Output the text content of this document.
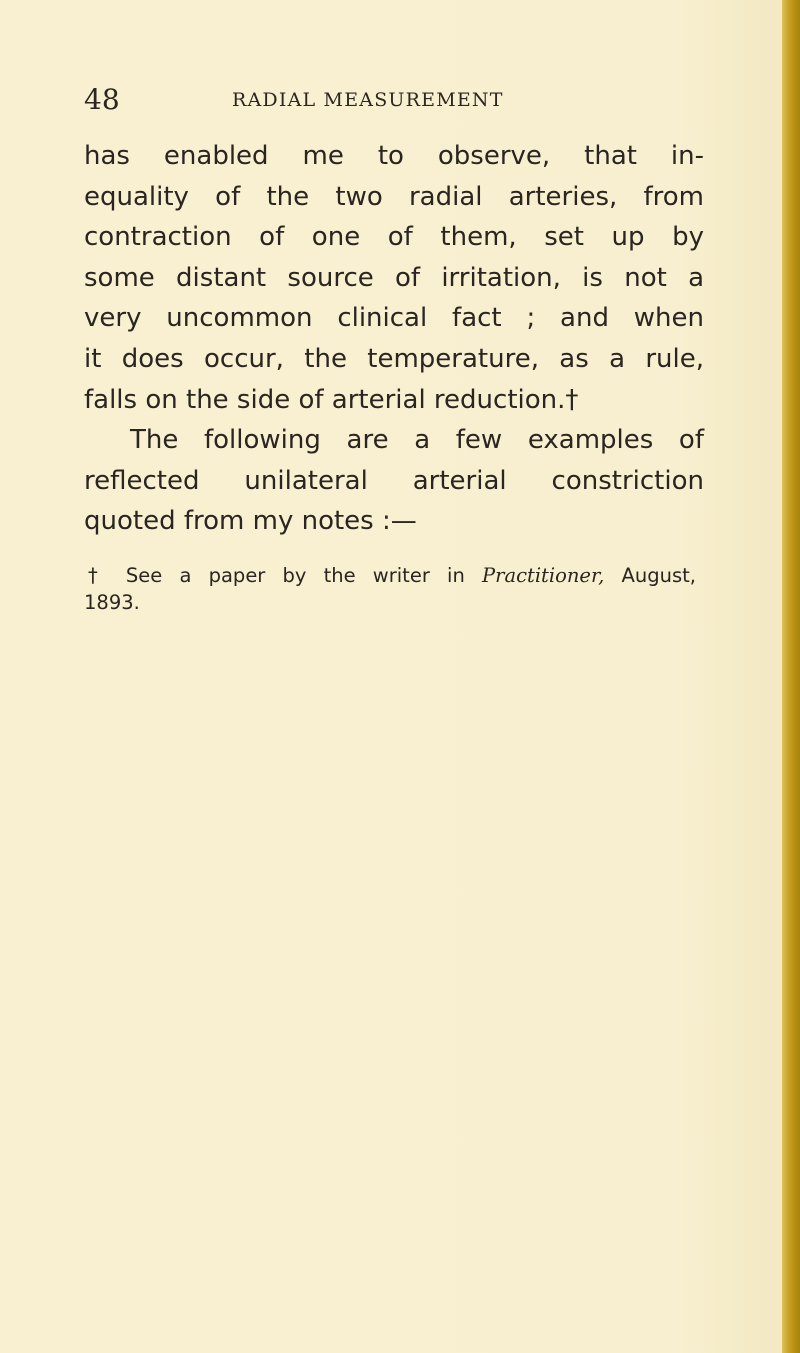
48	RADIAL MEASUREMENT
has enabled me to observe, that in-
equality of the two radial arteries, from
contraction of one of them, set up by
some distant source of irritation, is not a
very uncommon clinical fact ; and when
it does occur, the temperature, as a rule,
falls on the side of arterial reduction.†
The following are a few examples of
reflected unilateral arterial constriction
quoted from my notes :—
† See a paper by the writer in Practitioner, August,
1893.
